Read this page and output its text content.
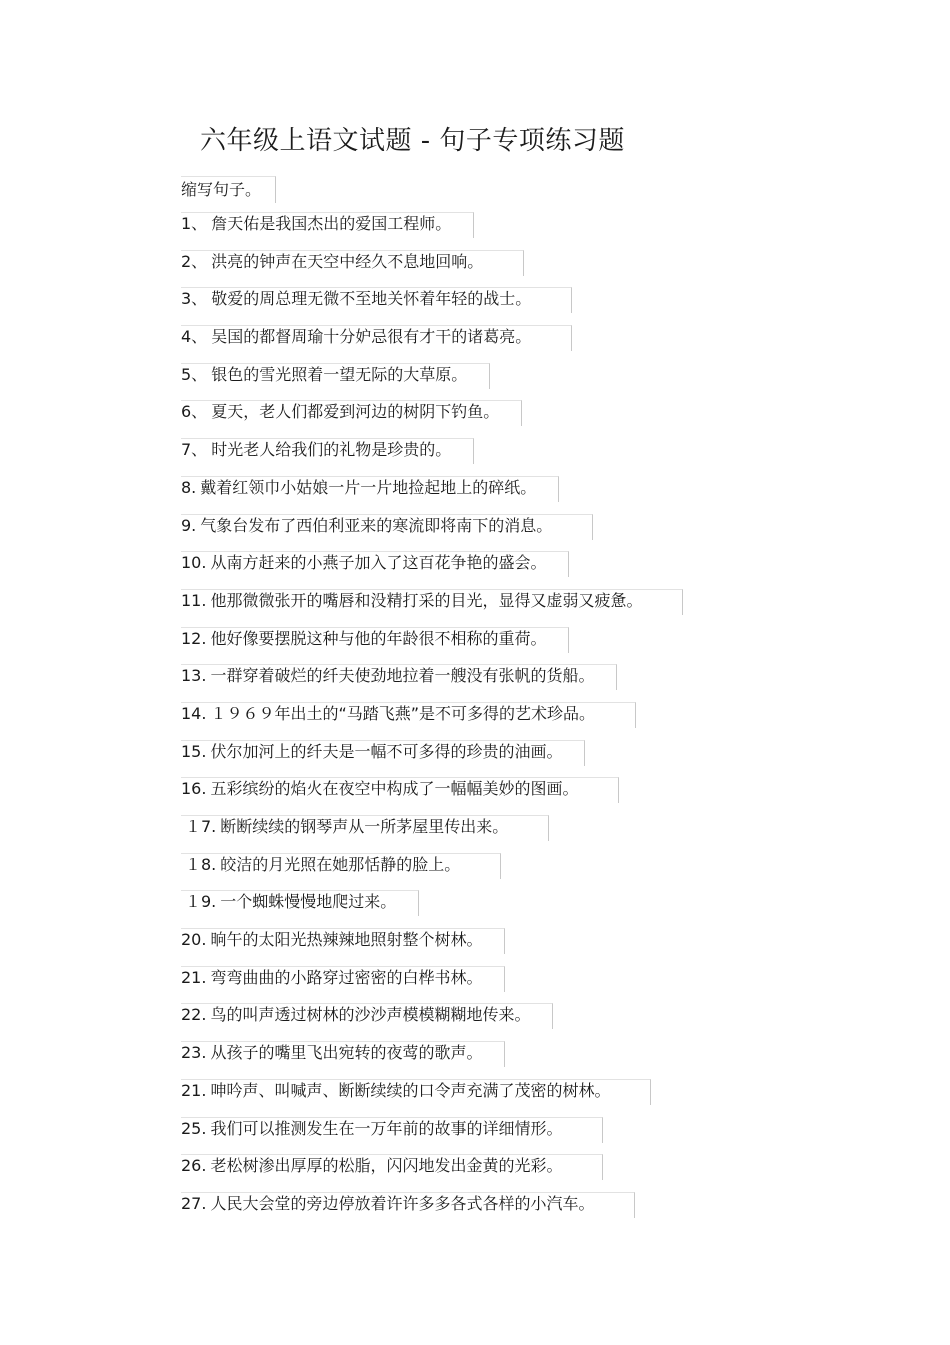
六年级上语文试题 - 句子专项练习题
缩写句子。
1、 詹天佑是我国杰出的爱国工程师。
2、 洪亮的钟声在天空中经久不息地回响。
3、 敬爱的周总理无微不至地关怀着年轻的战士。
4、 吴国的都督周瑜十分妒忌很有才干的诸葛亮。
5、 银色的雪光照着一望无际的大草原。
6、 夏天，老人们都爱到河边的树阴下钓鱼。
7、 时光老人给我们的礼物是珍贵的。
8. 戴着红领巾小姑娘一片一片地捡起地上的碎纸。
9. 气象台发布了西伯利亚来的寒流即将南下的消息。
10. 从南方赶来的小燕子加入了这百花争艳的盛会。
11. 他那微微张开的嘴唇和没精打采的目光，显得又虚弱又疲惫。
12. 他好像要摆脱这种与他的年龄很不相称的重荷。
13. 一群穿着破烂的纤夫使劲地拉着一艘没有张帆的货船。
14. １９６９年出土的“马踏飞燕”是不可多得的艺术珍品。
15. 伏尔加河上的纤夫是一幅不可多得的珍贵的油画。
16. 五彩缤纷的焰火在夜空中构成了一幅幅美妙的图画。
１7. 断断续续的钢琴声从一所茅屋里传出来。
１8. 皎洁的月光照在她那恬静的脸上。
１9. 一个蜘蛛慢慢地爬过来。
20. 晌午的太阳光热辣辣地照射整个树林。
21. 弯弯曲曲的小路穿过密密的白桦书林。
22. 鸟的叫声透过树林的沙沙声模模糊糊地传来。
23. 从孩子的嘴里飞出宛转的夜莺的歌声。
21. 呻吟声、叫喊声、断断续续的口令声充满了茂密的树林。
25. 我们可以推测发生在一万年前的故事的详细情形。
26. 老松树渗出厚厚的松脂，闪闪地发出金黄的光彩。
27. 人民大会堂的旁边停放着许许多多各式各样的小汽车。
